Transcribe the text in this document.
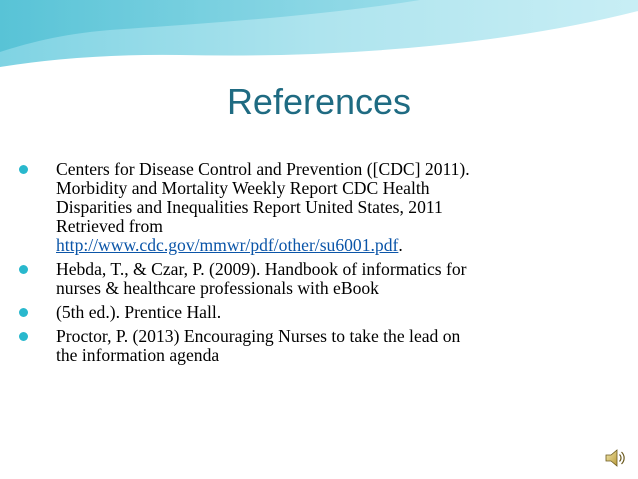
References
Centers for Disease Control and Prevention ([CDC] 2011).
Morbidity and Mortality Weekly Report CDC Health
Disparities and Inequalities Report United States, 2011
Retrieved from
http://www.cdc.gov/mmwr/pdf/other/su6001.pdf.
Hebda, T., & Czar, P. (2009). Handbook of informatics for
nurses & healthcare professionals with eBook
(5th ed.). Prentice Hall.
Proctor, P. (2013) Encouraging Nurses to take the lead on
the information agenda
